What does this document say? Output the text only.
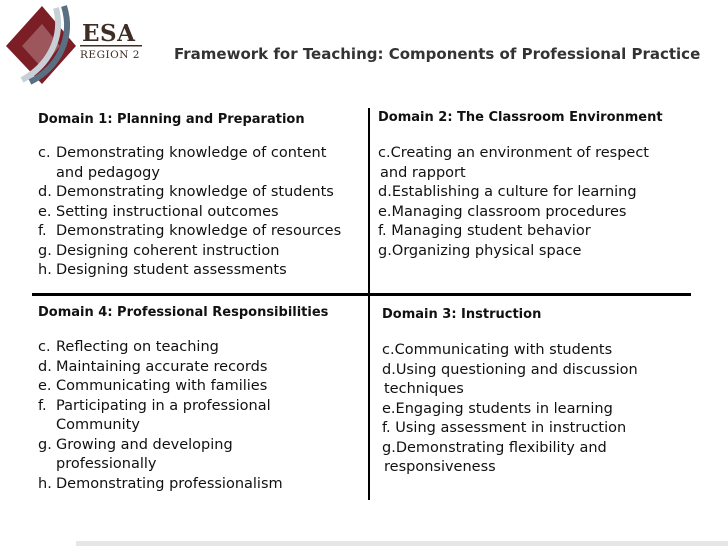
ESA
REGION 2 Framework for Teaching: Components of Professional Practice
Domain 1: Planning and Preparation
c. Demonstrating knowledge of content
and pedagogy
d. Demonstrating knowledge of students
e. Setting instructional outcomes
f. Demonstrating knowledge of resources
g. Designing coherent instruction
h. Designing student assessments
Domain 2: The Classroom Environment
c.Creating an environment of respect
and rapport
d.Establishing a culture for learning
e.Managing classroom procedures
f. Managing student behavior
g.Organizing physical space
Domain 4: Professional Responsibilities
c. Reflecting on teaching
d. Maintaining accurate records
e. Communicating with families
f. Participating in a professional
Community
g. Growing and developing
professionally
h. Demonstrating professionalism
Domain 3: Instruction
c.Communicating with students
d.Using questioning and discussion
techniques
e.Engaging students in learning
f. Using assessment in instruction
g.Demonstrating flexibility and
responsiveness
